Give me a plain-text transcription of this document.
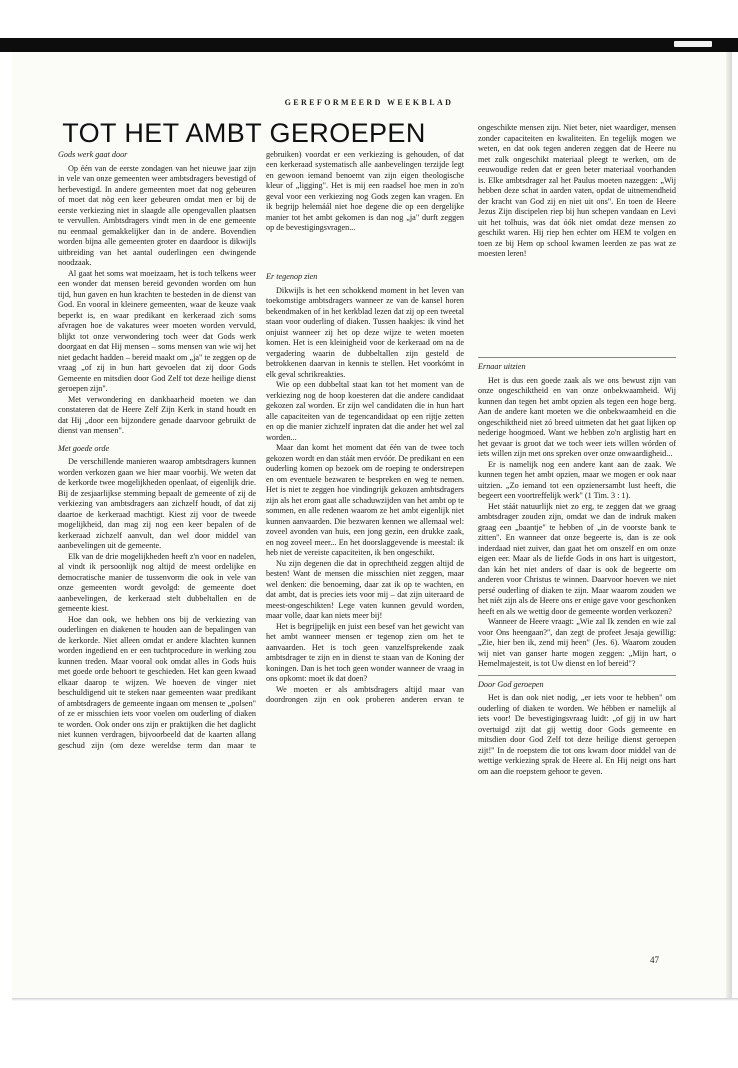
GEREFORMEERD WEEKBLAD
TOT HET AMBT GEROEPEN
Gods werk gaat door

Op één van de eerste zondagen van het nieuwe jaar zijn in vele van onze gemeenten weer ambtsdragers bevestigd of herbevestigd. In andere gemeenten moet dat nog gebeuren of moet dat nòg een keer gebeuren omdat men er bij de eerste verkiezing niet in slaagde alle opengevallen plaatsen te vervullen. Ambtsdragers vindt men in de ene gemeente nu eenmaal gemakkelijker dan in de andere. Bovendien worden bijna alle gemeenten groter en daardoor is dikwijls uitbreiding van het aantal ouderlingen een dwingende noodzaak.

Al gaat het soms wat moeizaam, het is toch telkens weer een wonder dat mensen bereid gevonden worden om hun tijd, hun gaven en hun krachten te besteden in de dienst van God. En vooral in kleinere gemeenten, waar de keuze vaak beperkt is, en waar predikant en kerkeraad zich soms afvragen hoe de vakatures weer moeten worden vervuld, blijkt tot onze verwondering toch weer dat Gods werk doorgaat en dat Hij mensen – soms mensen van wie wij het niet gedacht hadden – bereid maakt om „ja" te zeggen op de vraag „of zij in hun hart gevoelen dat zij door Gods Gemeente en mitsdien door God Zelf tot deze heilige dienst geroepen zijn".

Met verwondering en dankbaarheid moeten we dan constateren dat de Heere Zelf Zijn Kerk in stand houdt en dat Hij „door een bijzondere genade daarvoor gebruikt de dienst van mensen".

Met goede orde

De verschillende manieren waarop ambtsdragers kunnen worden verkozen gaan we hier maar voorbij. We weten dat de kerkorde twee mogelijkheden openlaat, of eigenlijk drie. Bij de zesjaarlijkse stemming bepaalt de gemeente of zij de verkiezing van ambtsdragers aan zichzelf houdt, of dat zij daartoe de kerkeraad machtigt. Kiest zij voor de tweede mogelijkheid, dan mag zij nog een keer bepalen of de kerkeraad zichzelf aanvult, dan wel door middel van aanbevelingen uit de gemeente.

Elk van de drie mogelijkheden heeft z'n voor en nadelen, al vindt ik persoonlijk nog altijd de meest ordelijke en democratische manier de tussenvorm die ook in vele van onze gemeenten wordt gevolgd: de gemeente doet aanbevelingen, de kerkeraad stelt dubbeltallen en de gemeente kiest.

Hoe dan ook, we hebben ons bij de verkiezing van ouderlingen en diakenen te houden aan de bepalingen van de kerkorde. Niet alleen omdat er andere klachten kunnen worden ingediend en er een tuchtprocedure in werking zou kunnen treden. Maar vooral ook omdat alles in Gods huis met goede orde behoort te geschieden. Het kan geen kwaad elkaar daarop te wijzen. We hoeven de vinger niet beschuldigend uit te steken naar gemeenten waar predikant of ambtsdragers de gemeente ingaan om mensen te „polsen" of ze er misschien iets voor voelen om ouderling of diaken te worden. Ook onder ons zijn er praktijken die het daglicht niet kunnen verdragen, bijvoorbeeld dat de kaarten allang geschud zijn (om deze wereldse term dan maar te

gebruiken) voordat er een verkiezing is gehouden, of dat een kerkeraad systematisch alle aanbevelingen terzijde legt en gewoon iemand benoemt van zijn eigen theologische kleur of „ligging". Het is mij een raadsel hoe men in zo'n geval voor een verkiezing nog Gods zegen kan vragen. En ik begrijp helemáál niet hoe degene die op een dergelijke manier tot het ambt gekomen is dan nog „ja" durft zeggen op de bevestigingsvragen...

Er tegenop zien

Dikwijls is het een schokkend moment in het leven van toekomstige ambtsdragers wanneer ze van de kansel horen bekendmaken of in het kerkblad lezen dat zij op een tweetal staan voor ouderling of diaken. Tussen haakjes: ik vind het onjuist wanneer zij het op deze wijze te weten moeten komen. Het is een kleinigheid voor de kerkeraad om na de vergadering waarin de dubbeltallen zijn gesteld de betrokkenen daarvan in kennis te stellen. Het voorkómt in elk geval schrikreakties.

Wie op een dubbeltal staat kan tot het moment van de verkiezing nog de hoop koesteren dat die andere candidaat gekozen zal worden. Er zijn wel candidaten die in hun hart alle capaciteiten van de tegencandidaat op een rijtje zetten en op die manier zichzelf inpraten dat die ander het wel zal worden...

Maar dan komt het moment dat één van de twee toch gekozen wordt en dan stáát men ervóór. De predikant en een ouderling komen op bezoek om de roeping te onderstrepen en om eventuele bezwaren te bespreken en weg te nemen. Het is niet te zeggen hoe vindingrijk gekozen ambtsdragers zijn als het erom gaat alle schaduwzijden van het ambt op te sommen, en alle redenen waarom ze het ambt eigenlijk niet kunnen aanvaarden. Die bezwaren kennen we allemaal wel: zoveel avonden van huis, een jong gezin, een drukke zaak, en nog zoveel meer... En het doorslaggevende is meestal: ik heb niet de vereiste capaciteiten, ik ben ongeschikt.

Nu zijn degenen die dat in oprechtheid zeggen altijd de besten! Want de mensen die misschien niet zeggen, maar wel denken: die benoeming, daar zat ik op te wachten, en dat ambt, dat is precies iets voor mij – dat zijn uiteraard de meest-ongeschikten! Lege vaten kunnen gevuld worden, maar volle, daar kan niets meer bij!

Het is begrijpelijk en juist een besef van het gewicht van het ambt wanneer mensen er tegenop zien om het te aanvaarden. Het is toch geen vanzelfsprekende zaak ambtsdrager te zijn en in dienst te staan van de Koning der koningen. Dan is het toch geen wonder wanneer de vraag in ons opkomt: moet ik dat doen?

We moeten er als ambtsdragers altijd maar van doordrongen zijn en ook proberen anderen ervan te

ongeschikte mensen zijn. Niet beter, niet waardiger, mensen zonder capaciteiten en kwaliteiten. En tegelijk mogen we weten, en dat ook tegen anderen zeggen dat de Heere nu met zulk ongeschikt materiaal pleegt te werken, om de eeuwoudige reden dat er geen beter materiaal voorhanden is. Elke ambtsdrager zal het Paulus moeten nazeggen: „Wij hebben deze schat in aarden vaten, opdat de uitnemendheid der kracht van God zij en niet uit ons". En toen de Heere Jezus Zijn discipelen riep bij hun schepen vandaan en Levi uit het tolhuis, was dat óók niet omdat deze mensen zo geschikt waren. Hij riep hen echter om HEM te volgen en toen ze bij Hem op school kwamen leerden ze pas wat ze moesten leren!

Ernaar uitzien

Het is dus een goede zaak als we ons bewust zijn van onze ongeschiktheid en van onze onbekwaamheid. Wij kunnen dan tegen het ambt opzien als tegen een hoge berg. Aan de andere kant moeten we die onbekwaamheid en die ongeschiktheid niet zó breed uitmeten dat het gaat lijken op nederige hoogmoed. Want we hebben zo'n arglistig hart en het gevaar is groot dat we toch weer iets willen wórden of iets willen zijn met ons spreken over onze onwaardigheid...

Er is namelijk nog een andere kant aan de zaak. We kunnen tegen het ambt opzien, maar we mogen er ook naar uitzien. „Zo iemand tot een opzienersambt lust heeft, die begeert een voortreffelijk werk" (1 Tim. 3 : 1).

Het stáát natuurlijk niet zo erg, te zeggen dat we graag ambtsdrager zouden zijn, omdat we dan de indruk maken graag een „baantje" te hebben of „in de voorste bank te zitten". En wanneer dat onze begeerte is, dan is ze ook inderdaad niet zuiver, dan gaat het om onszelf en om onze eigen eer. Maar als de liefde Gods in ons hart is uitgestort, dan kán het niet anders of daar is ook de begeerte om anderen voor Christus te winnen. Daarvoor hoeven we niet persé ouderling of diaken te zijn. Maar waarom zouden we het niét zijn als de Heere ons er enige gave voor geschonken heeft en als we wettig door de gemeente worden verkozen?

Wanneer de Heere vraagt: „Wie zal Ik zenden en wie zal voor Ons heengaan?", dan zegt de profeet Jesaja gewillig: „Zie, hier ben ik, zend mij heen" (Jes. 6). Waarom zouden wij niet van ganser harte mogen zeggen: „Mijn hart, o Hemelmajesteit, is tot Uw dienst en lof bereid"?

Door God geroepen

Het is dan ook niet nodig, „er iets voor te hebben" om ouderling of diaken te worden. We hébben er namelijk al iets voor! De bevestigingsvraag luidt: „of gij in uw hart overtuigd zijt dat gij wettig door Gods gemeente en mitsdien door God Zelf tot deze heilige dienst geroepen zijt!" In de roepstem die tot ons kwam door middel van de wettige verkiezing sprak de Heere al. En Hij neigt ons hart om aan die roepstem gehoor te geven.

47
